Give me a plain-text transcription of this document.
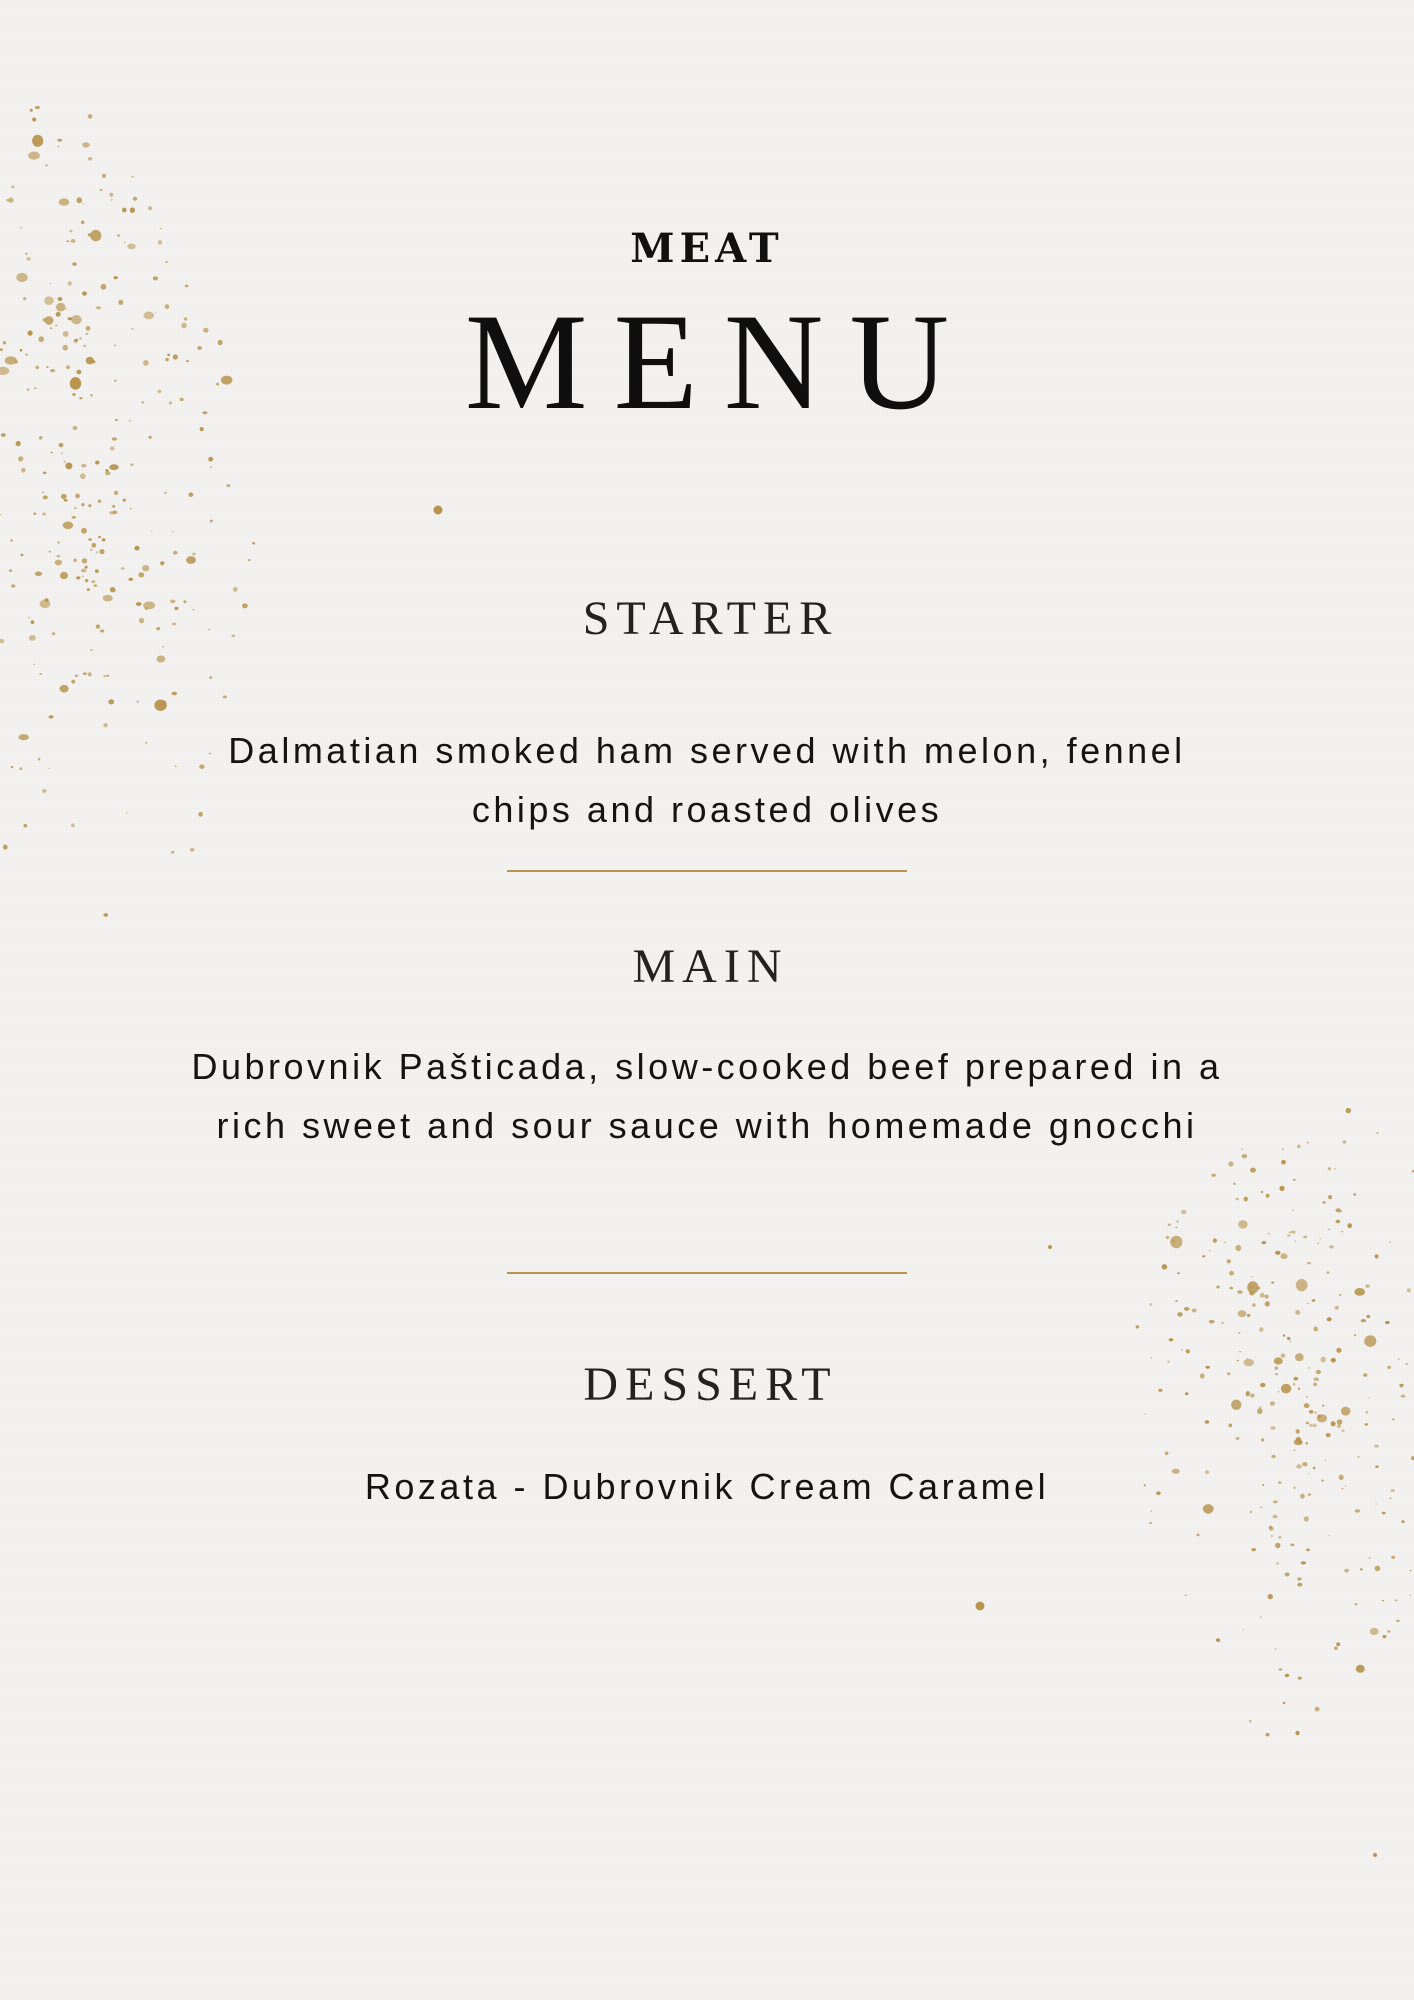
MEAT
MENU
STARTER
Dalmatian smoked ham served with melon, fennel
chips and roasted olives
MAIN
Dubrovnik Pašticada, slow-cooked beef prepared in a
rich sweet and sour sauce with homemade gnocchi
DESSERT
Rozata - Dubrovnik Cream Caramel
